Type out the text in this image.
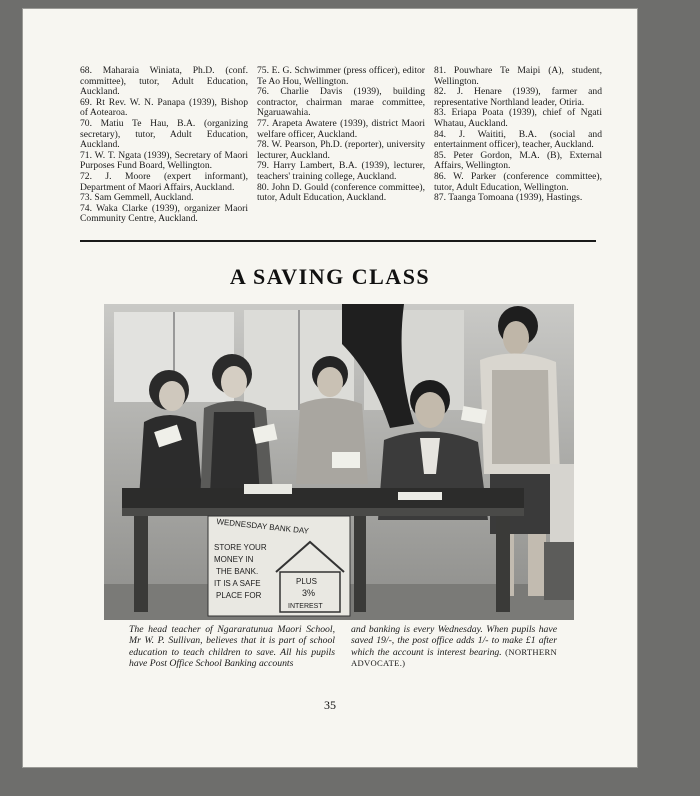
68. Maharaia Winiata, Ph.D. (conf. committee), tutor, Adult Education, Auckland.
69. Rt Rev. W. N. Panapa (1939), Bishop of Aotearoa.
70. Matiu Te Hau, B.A. (organizing secretary), tutor, Adult Education, Auckland.
71. W. T. Ngata (1939), Secretary of Maori Purposes Fund Board, Wellington.
72. J. Moore (expert informant), Department of Maori Affairs, Auckland.
73. Sam Gemmell, Auckland.
74. Waka Clarke (1939), organizer Maori Community Centre, Auckland.
75. E. G. Schwimmer (press officer), editor Te Ao Hou, Wellington.
76. Charlie Davis (1939), building contractor, chairman marae committee, Ngaruawahia.
77. Arapeta Awatere (1939), district Maori welfare officer, Auckland.
78. W. Pearson, Ph.D. (reporter), university lecturer, Auckland.
79. Harry Lambert, B.A. (1939), lecturer, teachers' training college, Auckland.
80. John D. Gould (conference committee), tutor, Adult Education, Auckland.
81. Pouwhare Te Maipi (A), student, Wellington.
82. J. Henare (1939), farmer and representative Northland leader, Otiria.
83. Eriapa Poata (1939), chief of Ngati Whatau, Auckland.
84. J. Waititi, B.A. (social and entertainment officer), teacher, Auckland.
85. Peter Gordon, M.A. (B), External Affairs, Wellington.
86. W. Parker (conference committee), tutor, Adult Education, Wellington.
87. Taanga Tomoana (1939), Hastings.
A SAVING CLASS
WEDNESDAY BANK DAY
STORE YOUR
MONEY IN
THE BANK.
IT IS A SAFE
PLACE FOR
PLUS
3%
INTEREST
The head teacher of Ngararatunua Maori School, Mr W. P. Sullivan, believes that it is part of school education to teach children to save. All his pupils have Post Office School Banking accounts
and banking is every Wednesday. When pupils have saved 19/-, the post office adds 1/- to make £1 after which the account is interest bearing. (NORTHERN ADVOCATE.)
35
